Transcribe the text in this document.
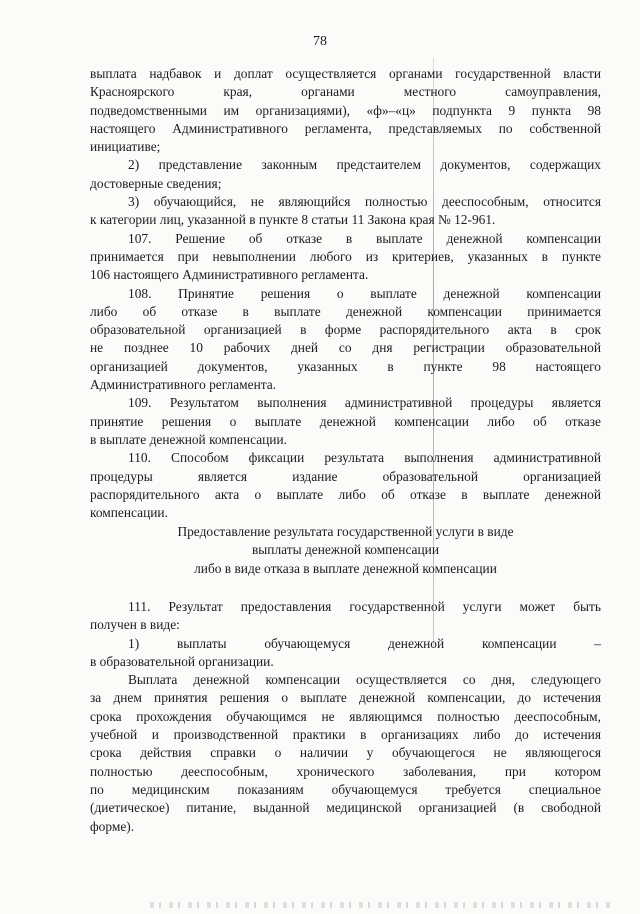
78
выплата надбавок и доплат осуществляется органами государственной власти
Красноярского края, органами местного самоуправления,
подведомственными им организациями), «ф»–«ц» подпункта 9 пункта 98
настоящего Административного регламента, представляемых по собственной
инициативе;
2) представление законным предстаителем документов, содержащих
достоверные сведения;
3) обучающийся, не являющийся полностью дееспособным, относится
к категории лиц, указанной в пункте 8 статьи 11 Закона края № 12-961.
107. Решение об отказе в выплате денежной компенсации
принимается при невыполнении любого из критериев, указанных в пункте
106 настоящего Административного регламента.
108. Принятие решения о выплате денежной компенсации
либо об отказе в выплате денежной компенсации принимается
образовательной организацией в форме распорядительного акта в срок
не позднее 10 рабочих дней со дня регистрации образовательной
организацией документов, указанных в пункте 98 настоящего
Административного регламента.
109. Результатом выполнения административной процедуры является
принятие решения о выплате денежной компенсации либо об отказе
в выплате денежной компенсации.
110. Способом фиксации результата выполнения административной
процедуры является издание образовательной организацией
распорядительного акта о выплате либо об отказе в выплате денежной
компенсации.
Предоставление результата государственной услуги в виде
выплаты денежной компенсации
либо в виде отказа в выплате денежной компенсации
111. Результат предоставления государственной услуги может быть
получен в виде:
1) выплаты обучающемуся денежной компенсации –
в образовательной организации.
Выплата денежной компенсации осуществляется со дня, следующего
за днем принятия решения о выплате денежной компенсации, до истечения
срока прохождения обучающимся не являющимся полностью дееспособным,
учебной и производственной практики в организациях либо до истечения
срока действия справки о наличии у обучающегося не являющегося
полностью дееспособным, хронического заболевания, при котором
по медицинским показаниям обучающемуся требуется специальное
(диетическое) питание, выданной медицинской организацией (в свободной
форме).
